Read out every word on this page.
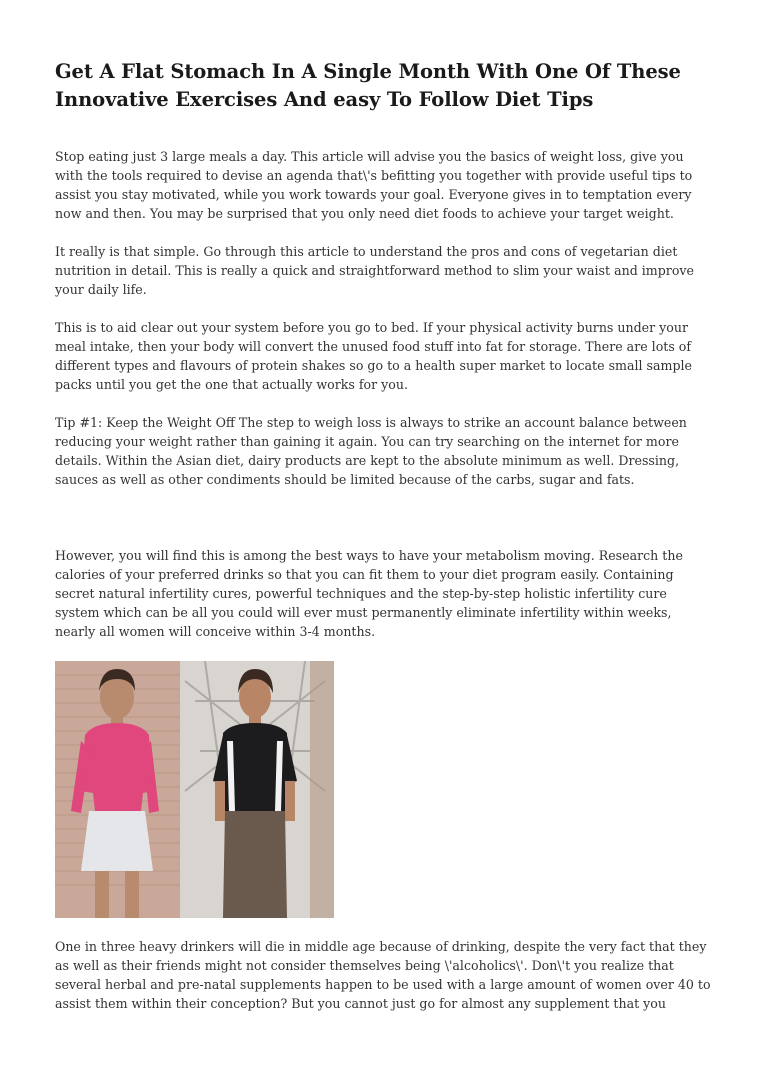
Get A Flat Stomach In A Single Month With One Of These Innovative Exercises And easy To Follow Diet Tips

Stop eating just 3 large meals a day. This article will advise you the basics of weight loss, give you with the tools required to devise an agenda that\'s befitting you together with provide useful tips to assist you stay motivated, while you work towards your goal. Everyone gives in to temptation every now and then. You may be surprised that you only need diet foods to achieve your target weight.

It really is that simple. Go through this article to understand the pros and cons of vegetarian diet nutrition in detail. This is really a quick and straightforward method to slim your waist and improve your daily life.

This is to aid clear out your system before you go to bed. If your physical activity burns under your meal intake, then your body will convert the unused food stuff into fat for storage. There are lots of different types and flavours of protein shakes so go to a health super market to locate small sample packs until you get the one that actually works for you.

Tip #1: Keep the Weight Off The step to weigh loss is always to strike an account balance between reducing your weight rather than gaining it again. You can try searching on the internet for more details. Within the Asian diet, dairy products are kept to the absolute minimum as well. Dressing, sauces as well as other condiments should be limited because of the carbs, sugar and fats.

However, you will find this is among the best ways to have your metabolism moving. Research the calories of your preferred drinks so that you can fit them to your diet program easily. Containing secret natural infertility cures, powerful techniques and the step-by-step holistic infertility cure system which can be all you could will ever must permanently eliminate infertility within weeks, nearly all women will conceive within 3-4 months.

One in three heavy drinkers will die in middle age because of drinking, despite the very fact that they as well as their friends might not consider themselves being \'alcoholics\'. Don\'t you realize that several herbal and pre-natal supplements happen to be used with a large amount of women over 40 to assist them within their conception? But you cannot just go for almost any supplement that you
